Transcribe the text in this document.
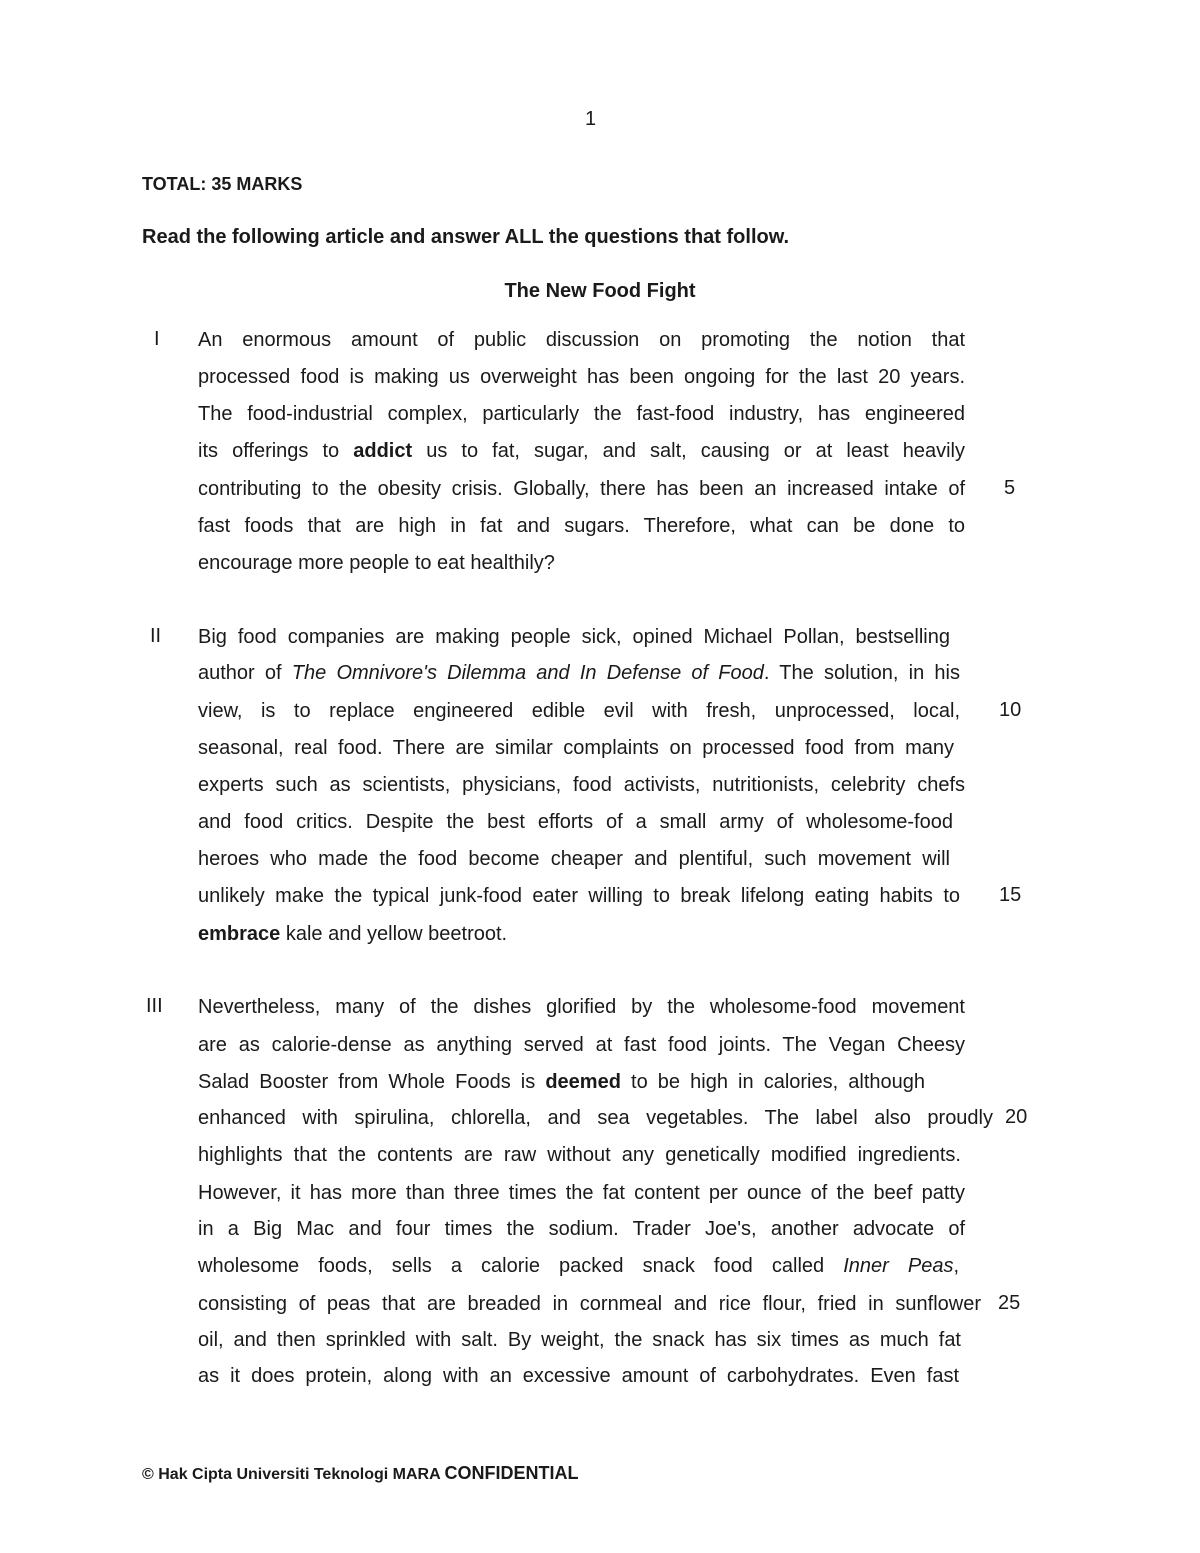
1
TOTAL: 35 MARKS
Read the following article and answer ALL the questions that follow.
The New Food Fight
I An enormous amount of public discussion on promoting the notion that
processed food is making us overweight has been ongoing for the last 20 years.
The food-industrial complex, particularly the fast-food industry, has engineered
its offerings to addict us to fat, sugar, and salt, causing or at least heavily
contributing to the obesity crisis. Globally, there has been an increased intake of 5
fast foods that are high in fat and sugars. Therefore, what can be done to
encourage more people to eat healthily?
II Big food companies are making people sick, opined Michael Pollan, bestselling
author of The Omnivore's Dilemma and In Defense of Food. The solution, in his
view, is to replace engineered edible evil with fresh, unprocessed, local, 10
seasonal, real food. There are similar complaints on processed food from many
experts such as scientists, physicians, food activists, nutritionists, celebrity chefs
and food critics. Despite the best efforts of a small army of wholesome-food
heroes who made the food become cheaper and plentiful, such movement will
unlikely make the typical junk-food eater willing to break lifelong eating habits to 15
embrace kale and yellow beetroot.
III Nevertheless, many of the dishes glorified by the wholesome-food movement
are as calorie-dense as anything served at fast food joints. The Vegan Cheesy
Salad Booster from Whole Foods is deemed to be high in calories, although
enhanced with spirulina, chlorella, and sea vegetables. The label also proudly 20
highlights that the contents are raw without any genetically modified ingredients.
However, it has more than three times the fat content per ounce of the beef patty
in a Big Mac and four times the sodium. Trader Joe's, another advocate of
wholesome foods, sells a calorie packed snack food called Inner Peas,
consisting of peas that are breaded in cornmeal and rice flour, fried in sunflower 25
oil, and then sprinkled with salt. By weight, the snack has six times as much fat
as it does protein, along with an excessive amount of carbohydrates. Even fast
© Hak Cipta Universiti Teknologi MARA CONFIDENTIAL
